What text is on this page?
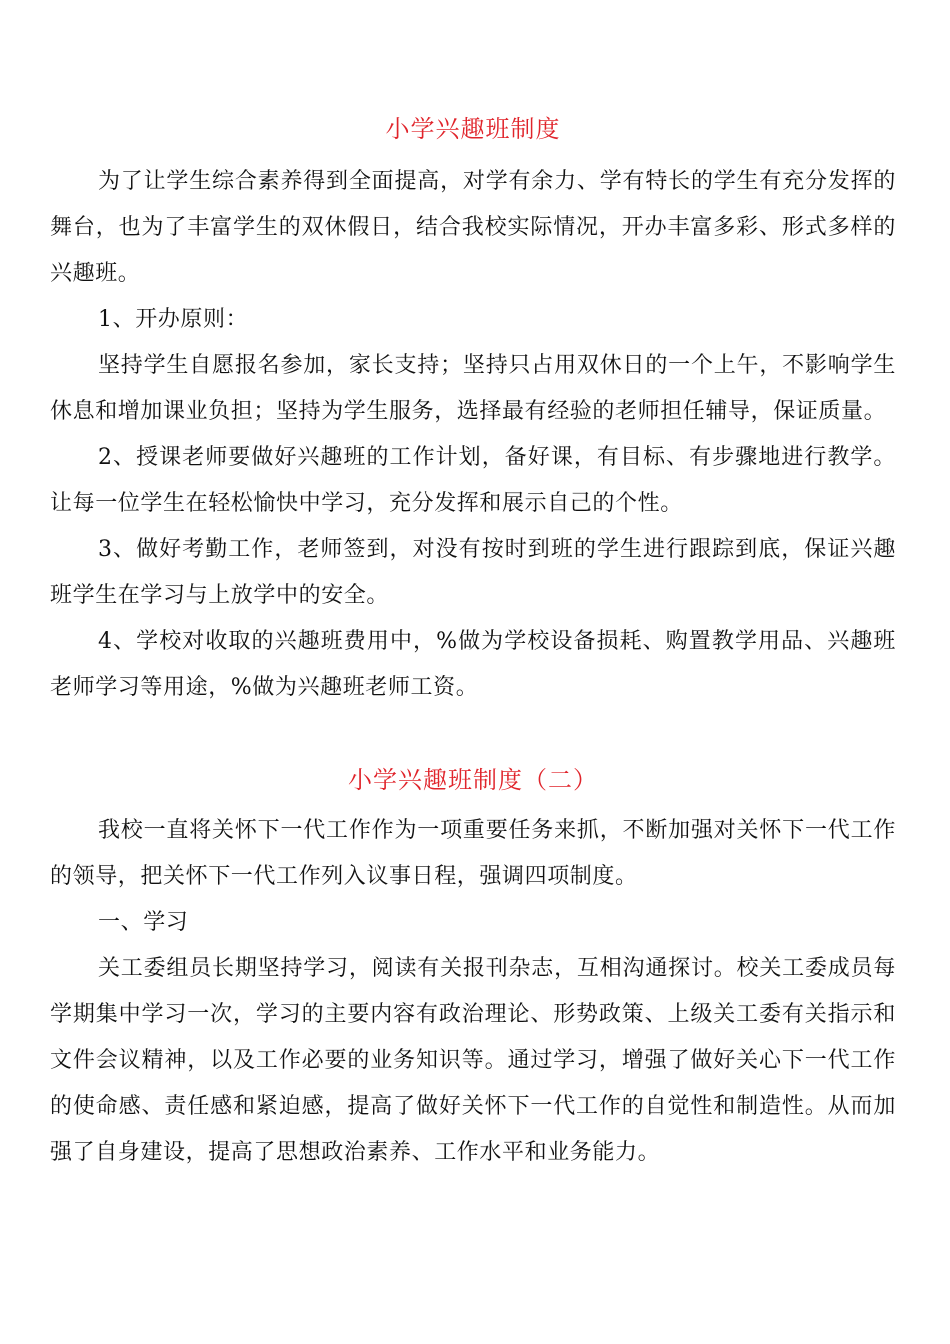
小学兴趣班制度

为了让学生综合素养得到全面提高，对学有余力、学有特长的学生有充分发挥的舞台，也为了丰富学生的双休假日，结合我校实际情况，开办丰富多彩、形式多样的兴趣班。

1、开办原则：

坚持学生自愿报名参加，家长支持；坚持只占用双休日的一个上午，不影响学生休息和增加课业负担；坚持为学生服务，选择最有经验的老师担任辅导，保证质量。

2、授课老师要做好兴趣班的工作计划，备好课，有目标、有步骤地进行教学。让每一位学生在轻松愉快中学习，充分发挥和展示自己的个性。

3、做好考勤工作，老师签到，对没有按时到班的学生进行跟踪到底，保证兴趣班学生在学习与上放学中的安全。

4、学校对收取的兴趣班费用中，%做为学校设备损耗、购置教学用品、兴趣班老师学习等用途，%做为兴趣班老师工资。

小学兴趣班制度（二）

我校一直将关怀下一代工作作为一项重要任务来抓，不断加强对关怀下一代工作的领导，把关怀下一代工作列入议事日程，强调四项制度。

一、学习

关工委组员长期坚持学习，阅读有关报刊杂志，互相沟通探讨。校关工委成员每学期集中学习一次，学习的主要内容有政治理论、形势政策、上级关工委有关指示和文件会议精神，以及工作必要的业务知识等。通过学习，增强了做好关心下一代工作的使命感、责任感和紧迫感，提高了做好关怀下一代工作的自觉性和制造性。从而加强了自身建设，提高了思想政治素养、工作水平和业务能力。
